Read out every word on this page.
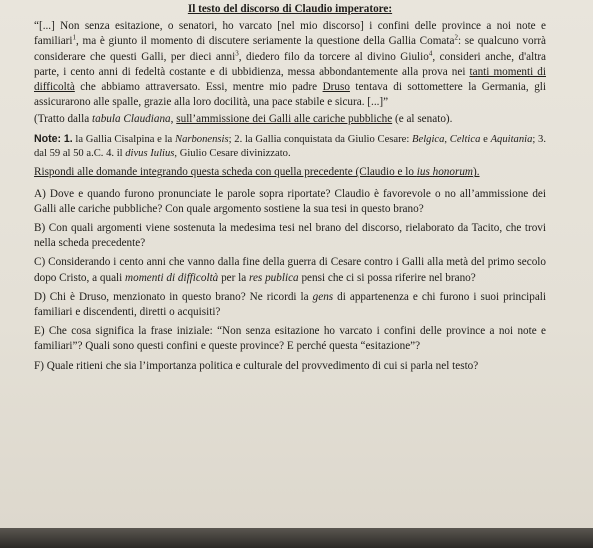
Il testo del discorso di Claudio imperatore:

“[...] Non senza esitazione, o senatori, ho varcato [nel mio discorso] i confini delle province a noi note e familiari$^1$, ma è giunto il momento di discutere seriamente la questione della Gallia Comata$^2$: se qualcuno vorrà considerare che questi Galli, per dieci anni$^3$, diedero filo da torcere al divino Giulio$^4$, consideri anche, d'altra parte, i cento anni di fedeltà costante e di ubbidienza, messa abbondantemente alla prova nei tanti momenti di difficoltà che abbiamo attraversato. Essi, mentre mio padre Druso tentava di sottomettere la Germania, gli assicurarono alle spalle, grazie alla loro docilità, una pace stabile e sicura. [...]”

(Tratto dalla tabula Claudiana, sull’ammissione dei Galli alle cariche pubbliche (e al senato).

Note: 1. la Gallia Cisalpina e la Narbonensis; 2. la Gallia conquistata da Giulio Cesare: Belgica, Celtica e Aquitania; 3. dal 59 al 50 a.C. 4. il divus Iulius, Giulio Cesare divinizzato.

Rispondi alle domande integrando questa scheda con quella precedente (Claudio e lo ius honorum).

A) Dove e quando furono pronunciate le parole sopra riportate? Claudio è favorevole o no all’ammissione dei Galli alle cariche pubbliche? Con quale argomento sostiene la sua tesi in questo brano?

B) Con quali argomenti viene sostenuta la medesima tesi nel brano del discorso, rielaborato da Tacito, che trovi nella scheda precedente?

C) Considerando i cento anni che vanno dalla fine della guerra di Cesare contro i Galli alla metà del primo secolo dopo Cristo, a quali momenti di difficoltà per la res publica pensi che ci si possa riferire nel brano?

D) Chi è Druso, menzionato in questo brano? Ne ricordi la gens di appartenenza e chi furono i suoi principali familiari e discendenti, diretti o acquisiti?

E) Che cosa significa la frase iniziale: “Non senza esitazione ho varcato i confini delle province a noi note e familiari”? Quali sono questi confini e queste province? E perché questa “esitazione”?

F) Quale ritieni che sia l’importanza politica e culturale del provvedimento di cui si parla nel testo?
